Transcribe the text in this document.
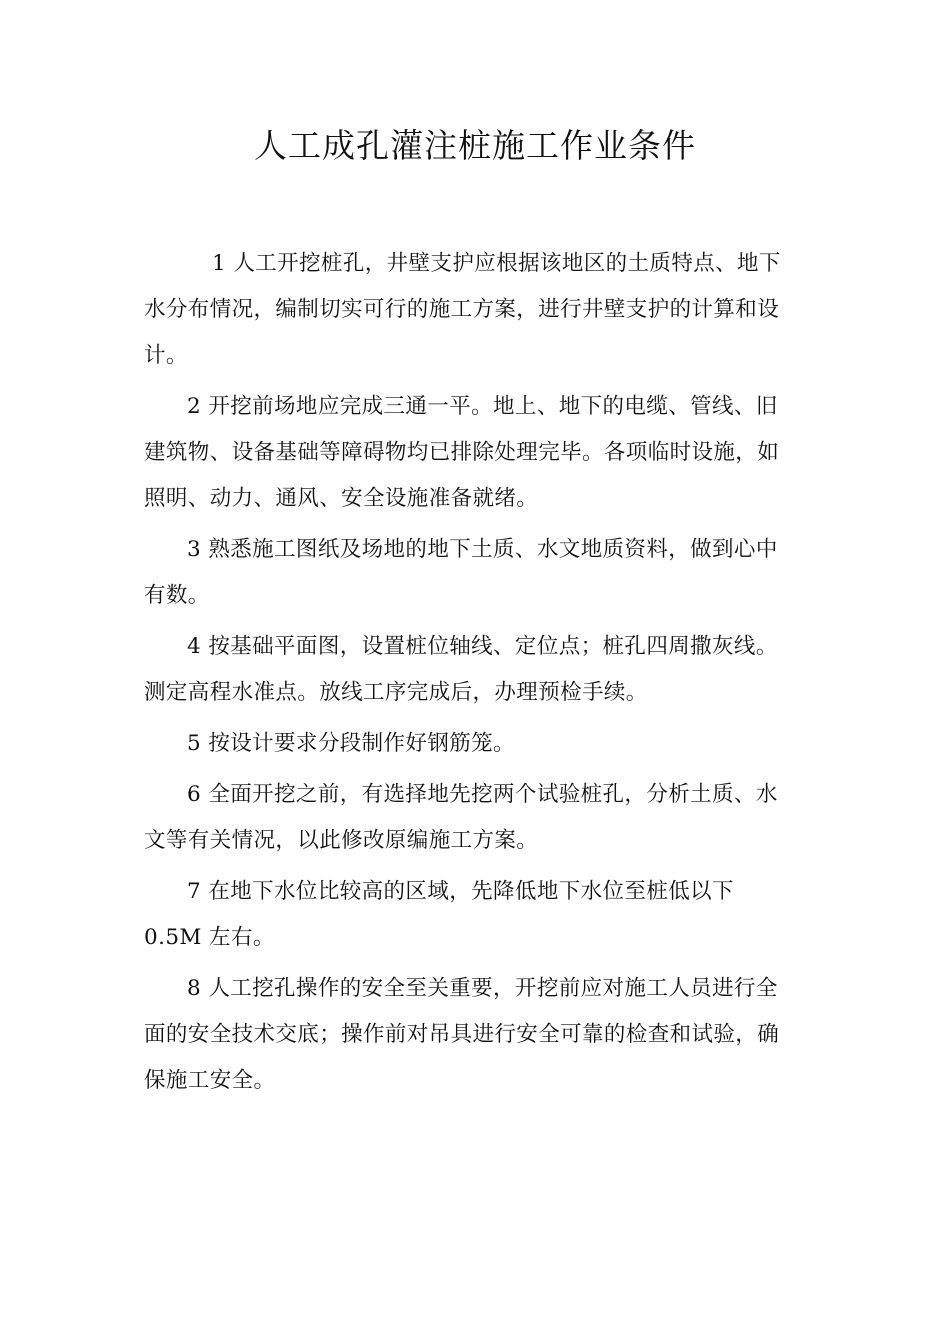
人工成孔灌注桩施工作业条件

1 人工开挖桩孔，井壁支护应根据该地区的土质特点、地下水分布情况，编制切实可行的施工方案，进行井壁支护的计算和设计。

2 开挖前场地应完成三通一平。地上、地下的电缆、管线、旧建筑物、设备基础等障碍物均已排除处理完毕。各项临时设施，如照明、动力、通风、安全设施准备就绪。

3 熟悉施工图纸及场地的地下土质、水文地质资料，做到心中有数。

4 按基础平面图，设置桩位轴线、定位点；桩孔四周撒灰线。测定高程水准点。放线工序完成后，办理预检手续。

5 按设计要求分段制作好钢筋笼。

6 全面开挖之前，有选择地先挖两个试验桩孔，分析土质、水文等有关情况，以此修改原编施工方案。

7 在地下水位比较高的区域，先降低地下水位至桩低以下 0.5M 左右。

8 人工挖孔操作的安全至关重要，开挖前应对施工人员进行全面的安全技术交底；操作前对吊具进行安全可靠的检查和试验，确保施工安全。
